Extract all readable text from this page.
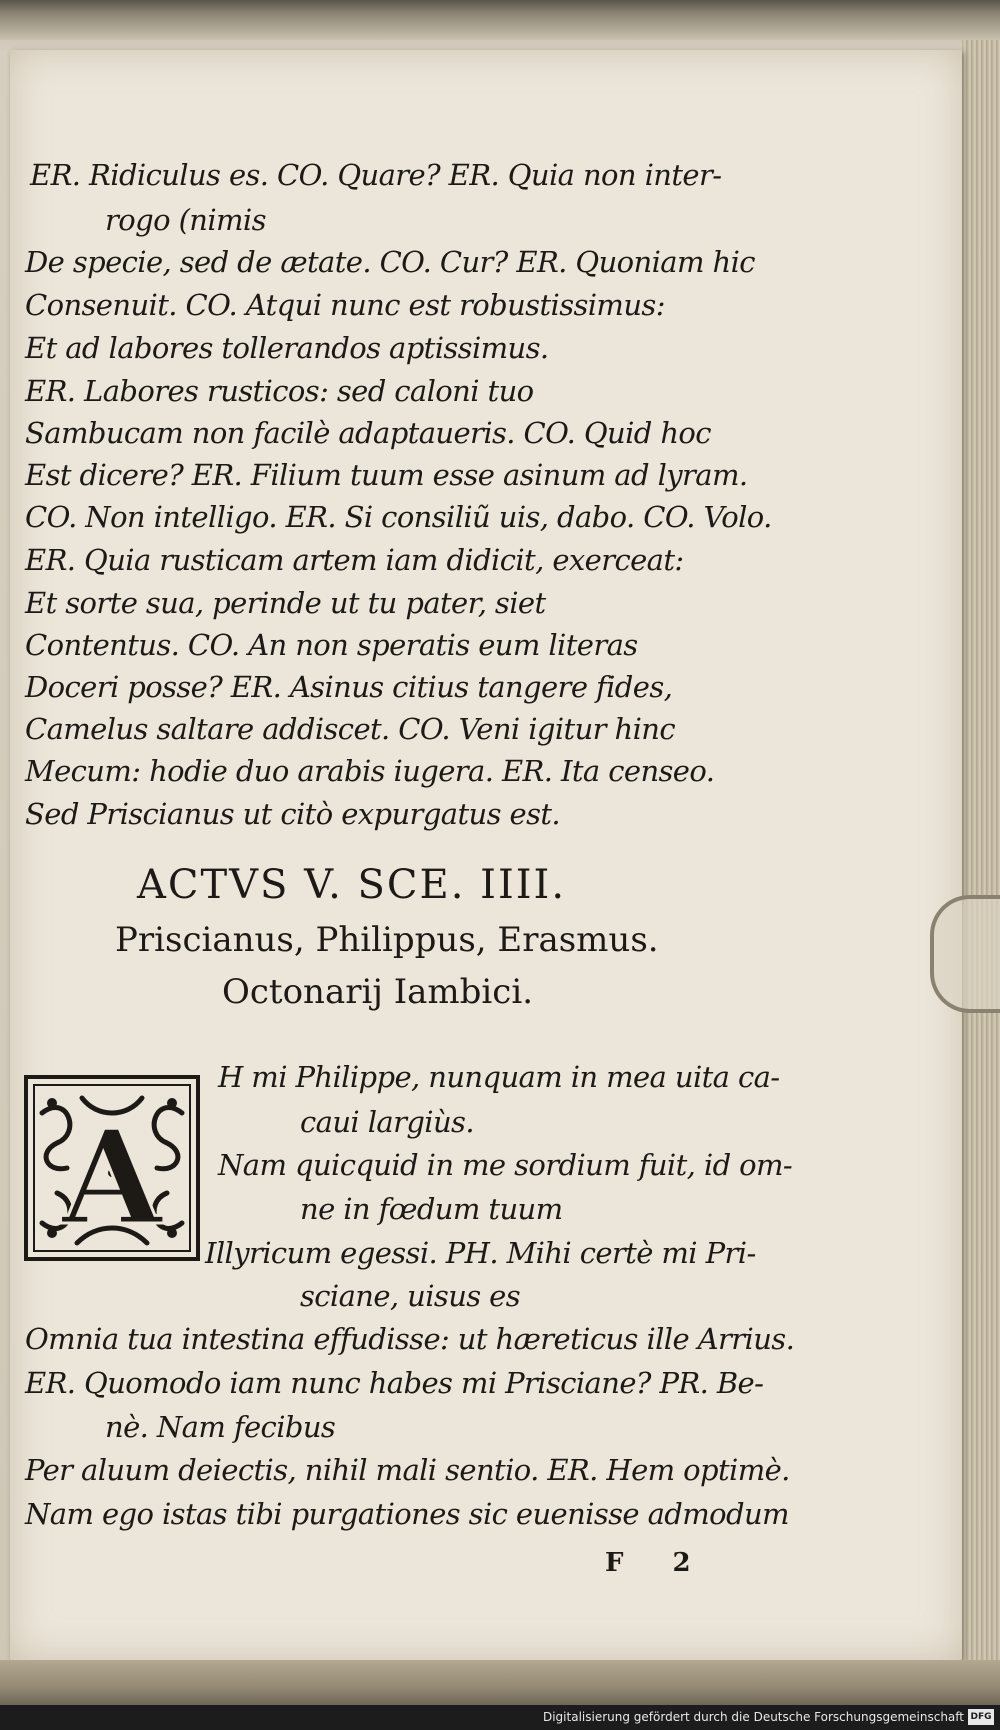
ER. Ridiculus es. CO. Quare? ER. Quia non inter-
rogo (nimis
De specie, sed de ætate. CO. Cur? ER. Quoniam hic
Consenuit. CO. Atqui nunc est robustissimus:
Et ad labores tollerandos aptissimus.
ER. Labores rusticos: sed caloni tuo
Sambucam non facilè adaptaueris. CO. Quid hoc
Est dicere? ER. Filium tuum esse asinum ad lyram.
CO. Non intelligo. ER. Si consiliũ uis, dabo. CO. Volo.
ER. Quia rusticam artem iam didicit, exerceat:
Et sorte sua, perinde ut tu pater, siet
Contentus. CO. An non speratis eum literas
Doceri posse? ER. Asinus citius tangere fides,
Camelus saltare addiscet. CO. Veni igitur hinc
Mecum: hodie duo arabis iugera. ER. Ita censeo.
Sed Priscianus ut citò expurgatus est.
ACTVS V. SCE. IIII.
Priscianus, Philippus, Erasmus.
Octonarij Iambici.
A
H mi Philippe, nunquam in mea uita ca-
caui largiùs.
Nam quicquid in me sordium fuit, id om-
ne in fœdum tuum
Illyricum egessi. PH. Mihi certè mi Pri-
sciane, uisus es
Omnia tua intestina effudisse: ut hæreticus ille Arrius.
ER. Quomodo iam nunc habes mi Prisciane? PR. Be-
nè. Nam fecibus
Per aluum deiectis, nihil mali sentio. ER. Hem optimè.
Nam ego istas tibi purgationes sic euenisse admodum
F 2
Digitalisierung gefördert durch die Deutsche Forschungsgemeinschaft DFG
